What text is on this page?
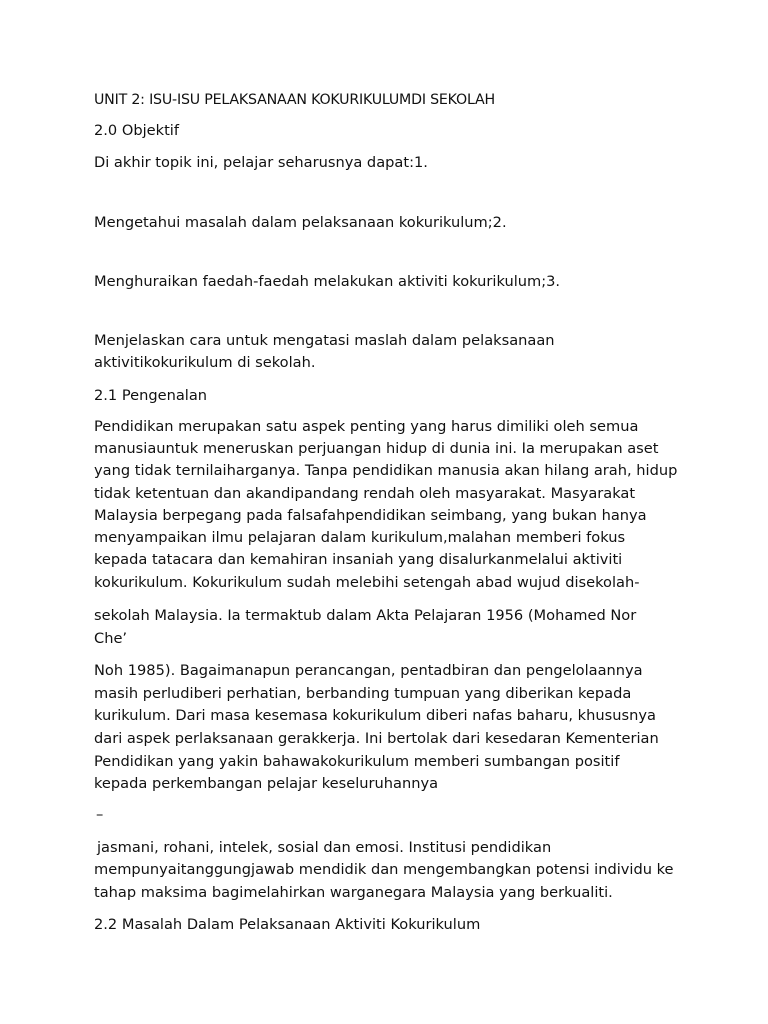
UNIT 2: ISU-ISU PELAKSANAAN KOKURIKULUMDI SEKOLAH
2.0 Objektif
Di akhir topik ini, pelajar seharusnya dapat:1.
Mengetahui masalah dalam pelaksanaan kokurikulum;2.
Menghuraikan faedah-faedah melakukan aktiviti kokurikulum;3.
Menjelaskan cara untuk mengatasi maslah dalam pelaksanaan
aktivitikokurikulum di sekolah.
2.1 Pengenalan
Pendidikan merupakan satu aspek penting yang harus dimiliki oleh semua
manusiauntuk meneruskan perjuangan hidup di dunia ini. Ia merupakan aset
yang tidak ternilaiharganya. Tanpa pendidikan manusia akan hilang arah, hidup
tidak ketentuan dan akandipandang rendah oleh masyarakat. Masyarakat
Malaysia berpegang pada falsafahpendidikan seimbang, yang bukan hanya
menyampaikan ilmu pelajaran dalam kurikulum,malahan memberi fokus
kepada tatacara dan kemahiran insaniah yang disalurkanmelalui aktiviti
kokurikulum. Kokurikulum sudah melebihi setengah abad wujud disekolah-
sekolah Malaysia. Ia termaktub dalam Akta Pelajaran 1956 (Mohamed Nor
Che’
Noh 1985). Bagaimanapun perancangan, pentadbiran dan pengelolaannya
masih perludiberi perhatian, berbanding tumpuan yang diberikan kepada
kurikulum. Dari masa kesemasa kokurikulum diberi nafas baharu, khususnya
dari aspek perlaksanaan gerakkerja. Ini bertolak dari kesedaran Kementerian
Pendidikan yang yakin bahawakokurikulum memberi sumbangan positif
kepada perkembangan pelajar keseluruhannya
–
jasmani, rohani, intelek, sosial dan emosi. Institusi pendidikan
mempunyaitanggungjawab mendidik dan mengembangkan potensi individu ke
tahap maksima bagimelahirkan warganegara Malaysia yang berkualiti.
2.2 Masalah Dalam Pelaksanaan Aktiviti Kokurikulum
